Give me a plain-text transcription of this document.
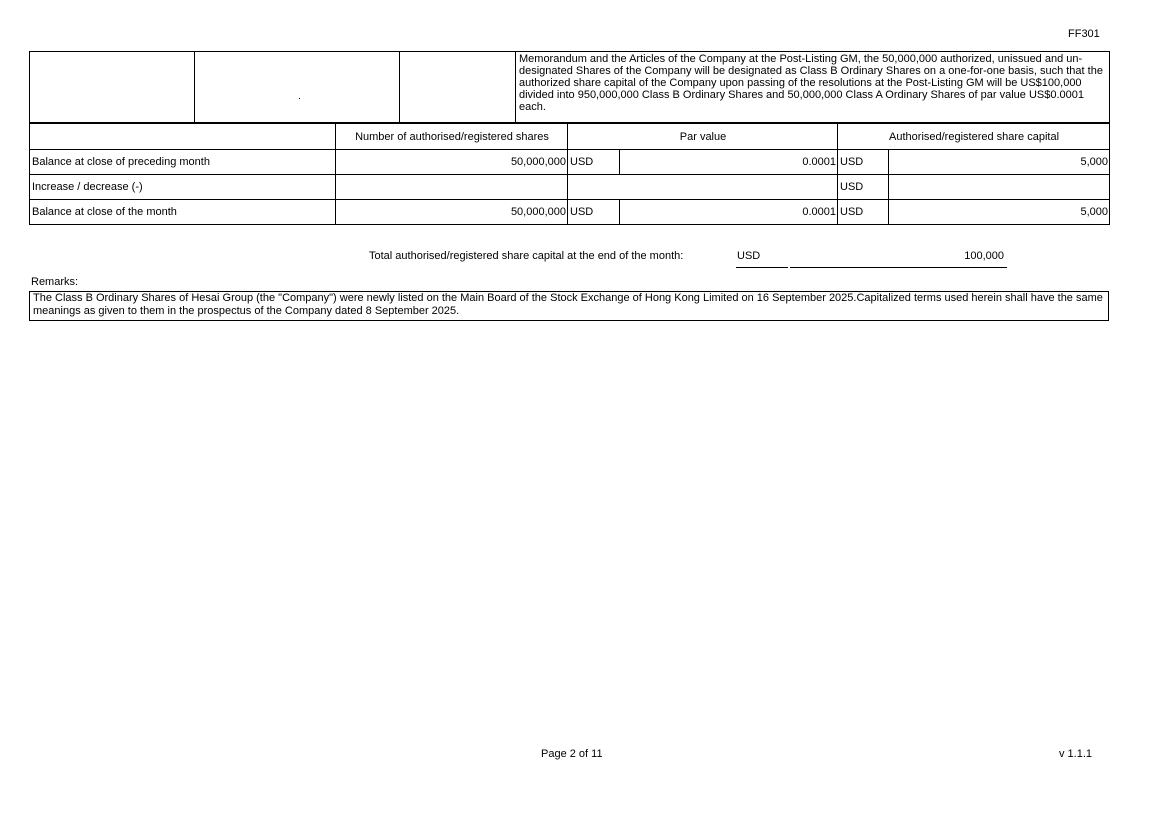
FF301

Memorandum and the Articles of the Company at the Post-Listing GM, the 50,000,000 authorized, unissued and un-designated Shares of the Company will be designated as Class B Ordinary Shares on a one-for-one basis, such that the authorized share capital of the Company upon passing of the resolutions at the Post-Listing GM will be US$100,000 divided into 950,000,000 Class B Ordinary Shares and 50,000,000 Class A Ordinary Shares of par value US$0.0001 each.
	Number of authorised/registered shares	Par value		Authorised/registered share capital	
Balance at close of preceding month	50,000,000	USD	0.0001	USD	5,000
Increase / decrease (-)				USD	
Balance at close of the month	50,000,000	USD	0.0001	USD	5,000
Total authorised/registered share capital at the end of the month:	USD	100,000
Remarks:
The Class B Ordinary Shares of Hesai Group (the "Company") were newly listed on the Main Board of the Stock Exchange of Hong Kong Limited on 16 September 2025.Capitalized terms used herein shall have the same meanings as given to them in the prospectus of the Company dated 8 September 2025.
Page 2 of 11	v 1.1.1
